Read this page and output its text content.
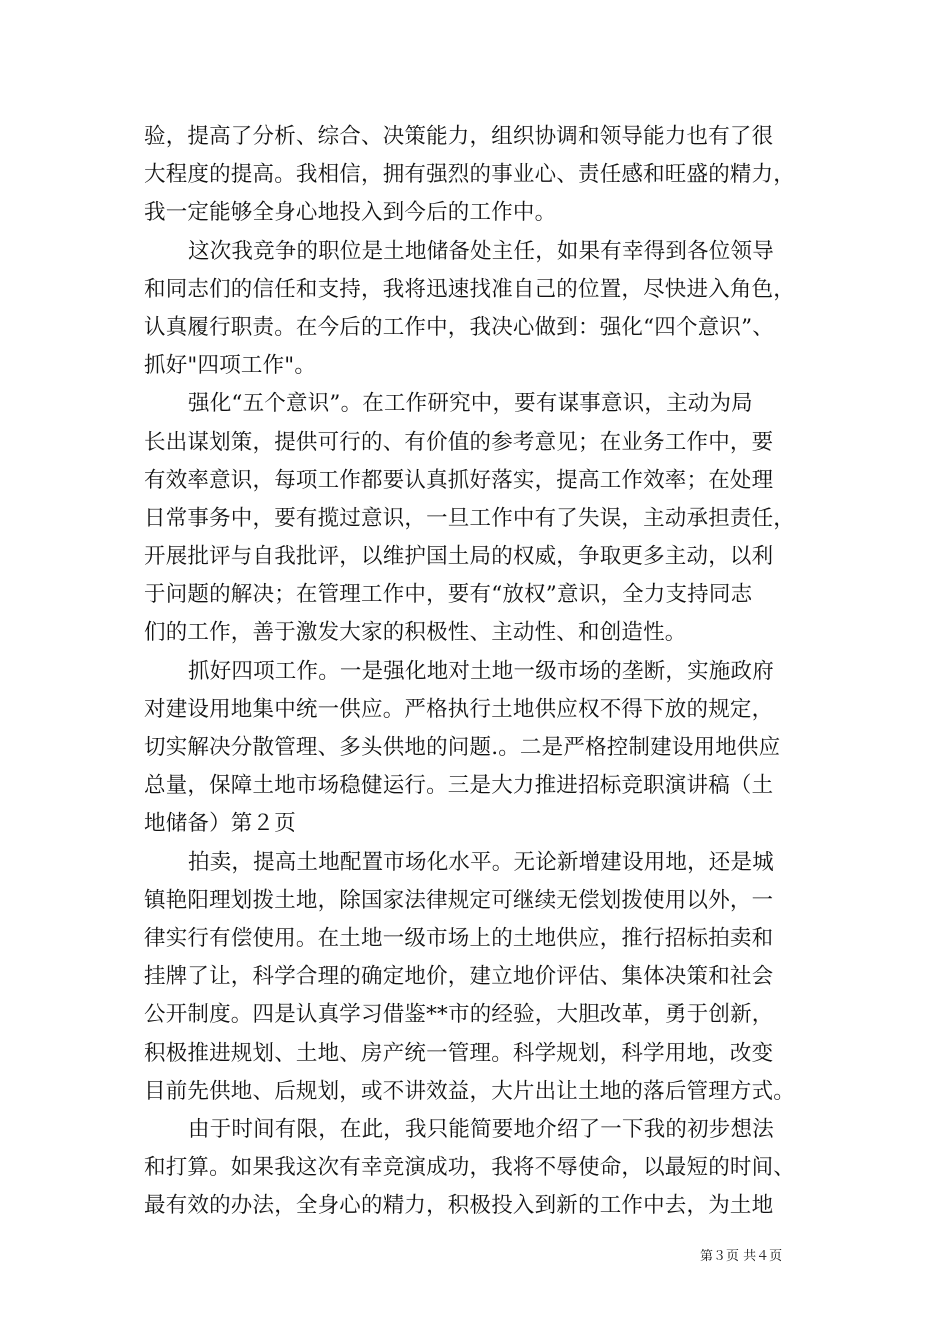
验，提高了分析、综合、决策能力，组织协调和领导能力也有了很
大程度的提高。我相信，拥有强烈的事业心、责任感和旺盛的精力，
我一定能够全身心地投入到今后的工作中。
这次我竞争的职位是土地储备处主任，如果有幸得到各位领导
和同志们的信任和支持，我将迅速找准自己的位置，尽快进入角色，
认真履行职责。在今后的工作中，我决心做到：强化“四个意识”、
抓好"四项工作"。
强化“五个意识”。在工作研究中，要有谋事意识，主动为局
长出谋划策，提供可行的、有价值的参考意见；在业务工作中，要
有效率意识，每项工作都要认真抓好落实，提高工作效率；在处理
日常事务中，要有揽过意识，一旦工作中有了失误，主动承担责任，
开展批评与自我批评，以维护国土局的权威，争取更多主动，以利
于问题的解决；在管理工作中，要有“放权”意识，全力支持同志
们的工作，善于激发大家的积极性、主动性、和创造性。
抓好四项工作。一是强化地对土地一级市场的垄断，实施政府
对建设用地集中统一供应。严格执行土地供应权不得下放的规定，
切实解决分散管理、多头供地的问题.。二是严格控制建设用地供应
总量，保障土地市场稳健运行。三是大力推进招标竞职演讲稿（土
地储备）第２页
拍卖，提高土地配置市场化水平。无论新增建设用地，还是城
镇艳阳理划拨土地，除国家法律规定可继续无偿划拨使用以外，一
律实行有偿使用。在土地一级市场上的土地供应，推行招标拍卖和
挂牌了让，科学合理的确定地价，建立地价评估、集体决策和社会
公开制度。四是认真学习借鉴**市的经验，大胆改革，勇于创新，
积极推进规划、土地、房产统一管理。科学规划，科学用地，改变
目前先供地、后规划，或不讲效益，大片出让土地的落后管理方式。
由于时间有限，在此，我只能简要地介绍了一下我的初步想法
和打算。如果我这次有幸竞演成功，我将不辱使命，以最短的时间、
最有效的办法，全身心的精力，积极投入到新的工作中去，为土地
第３页 共４页
